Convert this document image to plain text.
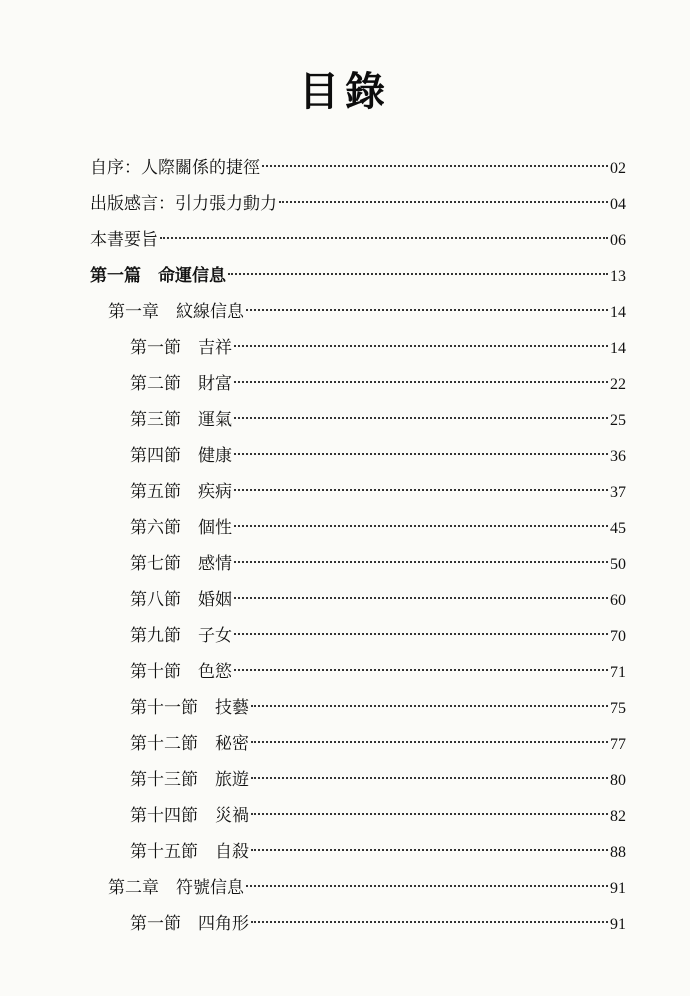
目錄
自序：人際關係的捷徑	02
出版感言：引力張力動力	04
本書要旨	06
第一篇　命運信息	13
第一章　紋線信息	14
第一節　吉祥	14
第二節　財富	22
第三節　運氣	25
第四節　健康	36
第五節　疾病	37
第六節　個性	45
第七節　感情	50
第八節　婚姻	60
第九節　子女	70
第十節　色慾	71
第十一節　技藝	75
第十二節　秘密	77
第十三節　旅遊	80
第十四節　災禍	82
第十五節　自殺	88
第二章　符號信息	91
第一節　四角形	91
